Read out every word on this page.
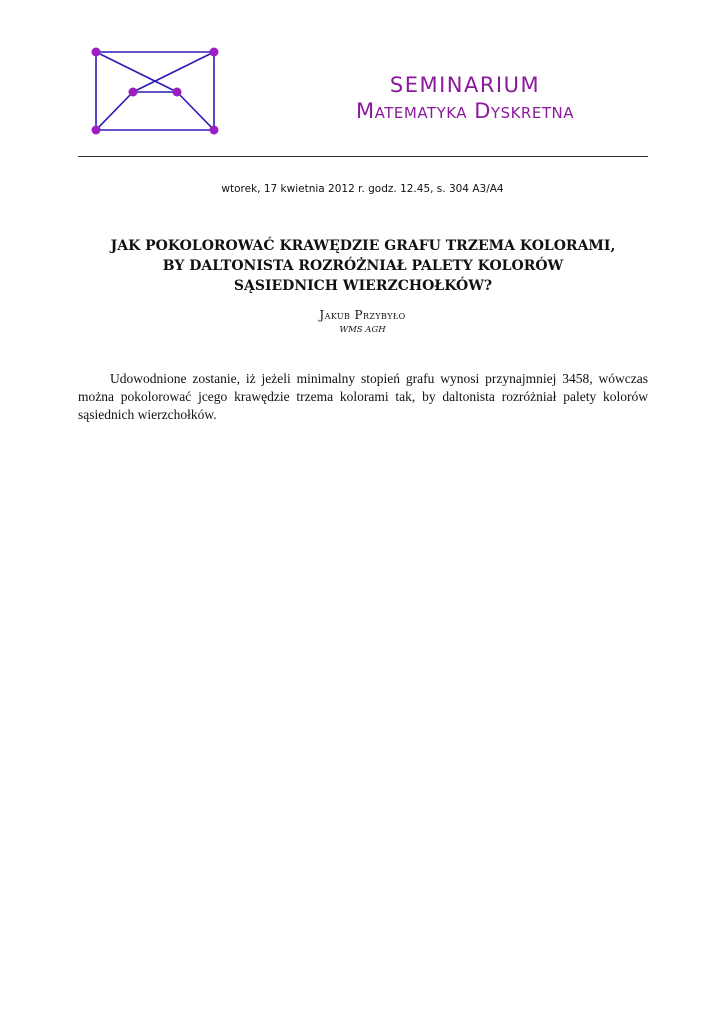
SEMINARIUM
Matematyka Dyskretna
wtorek, 17 kwietnia 2012 r. godz. 12.45, s. 304 A3/A4
JAK POKOLOROWAĆ KRAWĘDZIE GRAFU TRZEMA KOLORAMI,
BY DALTONISTA ROZRÓŻNIAŁ PALETY KOLORÓW
SĄSIEDNICH WIERZCHOŁKÓW?
Jakub Przybyło
WMS AGH

Udowodnione zostanie, iż jeżeli minimalny stopień grafu wynosi przynajmniej 3458, wówczas można pokolorować jcego krawędzie trzema kolorami tak, by daltonista rozróżniał palety kolorów sąsiednich wierzchołków.
